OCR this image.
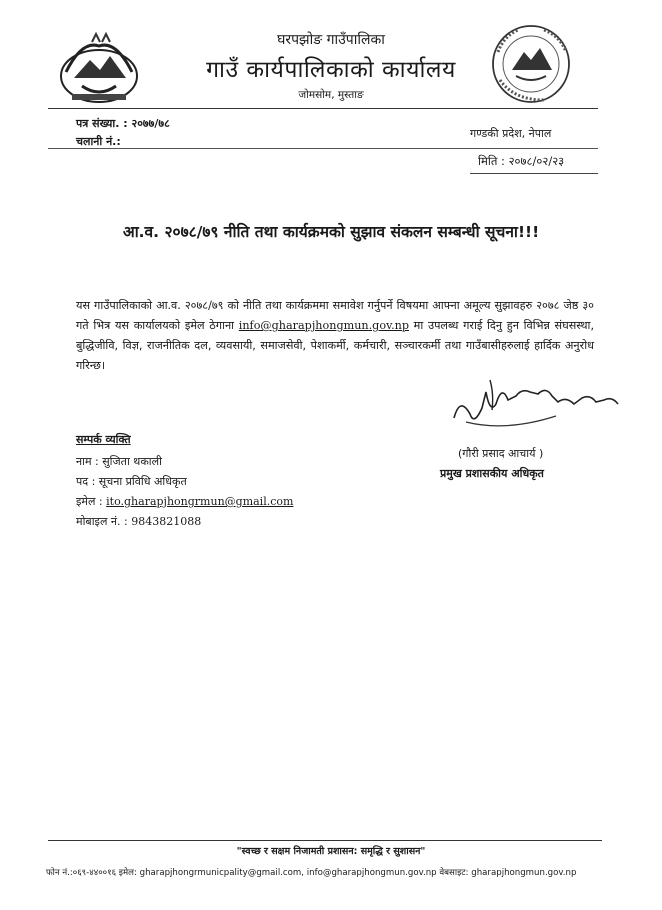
घरपझोङ गाउँपालिका
गाउँ कार्यपालिकाको कार्यालय
जोमसोम, मुस्ताङ
पत्र संख्या. : २०७७/७८
चलानी नं.:
गण्डकी प्रदेश, नेपाल
मिति : २०७८/०२/२३
आ.व. २०७८/७९ नीति तथा कार्यक्रमको सुझाव संकलन सम्बन्धी सूचना!!!
यस गाउँपालिकाको आ.व. २०७८/७९ को नीति तथा कार्यक्रममा समावेश गर्नुपर्ने विषयमा आफ्ना अमूल्य सुझावहरु २०७८ जेष्ठ ३० गते भित्र यस कार्यालयको इमेल ठेगाना info@gharapjhongmun.gov.np मा उपलब्ध गराई दिनु हुन विभिन्न संघसस्था, बुद्धिजीवि, विज्ञ, राजनीतिक दल, व्यवसायी, समाजसेवी, पेशाकर्मी, कर्मचारी, सञ्चारकर्मी तथा गाउँबासीहरुलाई हार्दिक अनुरोध गरिन्छ।
(गौरी प्रसाद आचार्य )
प्रमुख प्रशासकीय अधिकृत
सम्पर्क व्यक्ति
नाम : सुजिता थकाली
पद : सूचना प्रविधि अधिकृत
इमेल : ito.gharapjhongrmun@gmail.com
मोबाइल नं. : 9843821088
"स्वच्छ र सक्षम निजामती प्रशासन: समृद्धि र सुशासन"
फोन नं.:०६९-४४००१६ इमेल: gharapjhongrmunicpality@gmail.com, info@gharapjhongmun.gov.np वेबसाइट: gharapjhongmun.gov.np
